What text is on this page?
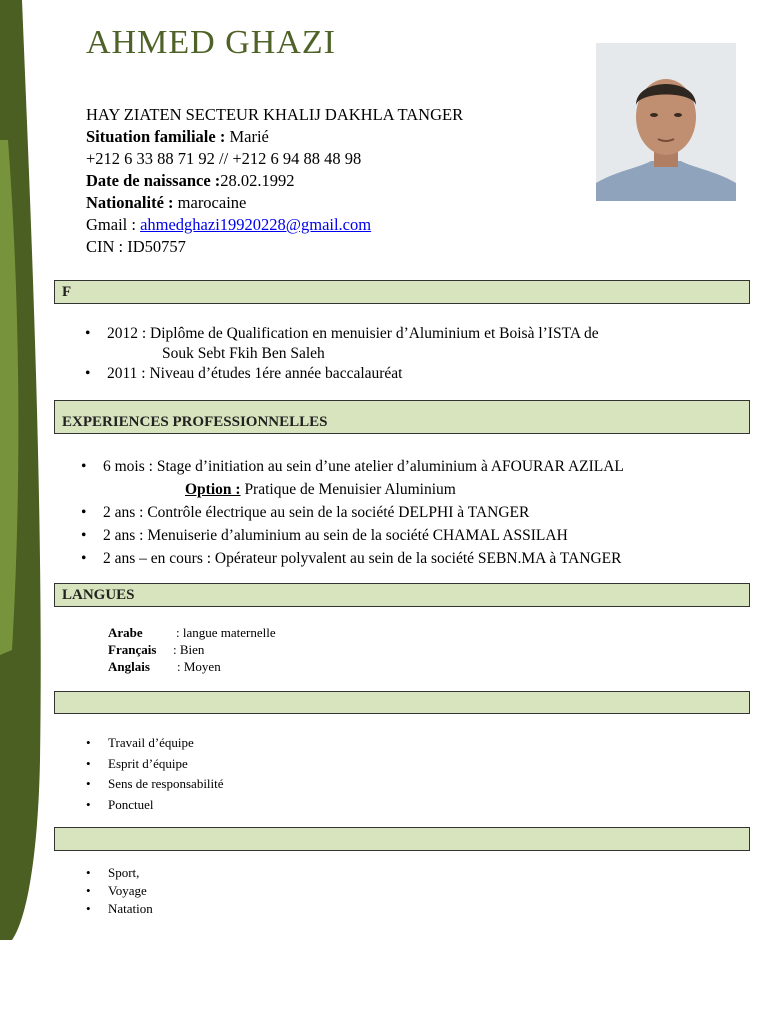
AHMED GHAZI
HAY ZIATEN SECTEUR KHALIJ DAKHLA TANGER
Situation familiale : Marié
+212 6 33 88 71 92 // +212 6 94 88 48 98
Date de naissance :28.02.1992
Nationalité : marocaine
Gmail : ahmedghazi19920228@gmail.com
CIN : ID50757
F
• 2012 : Diplôme de Qualification en menuisier d’Aluminium et Boisà l’ISTA de
Souk Sebt Fkih Ben Saleh
• 2011 : Niveau d’études 1ére année baccalauréat
EXPERIENCES PROFESSIONNELLES
• 6 mois : Stage d’initiation au sein d’une atelier d’aluminium à AFOURAR AZILAL
Option : Pratique de Menuisier Aluminium
• 2 ans : Contrôle électrique au sein de la société DELPHI à TANGER
• 2 ans : Menuiserie d’aluminium au sein de la société CHAMAL ASSILAH
• 2 ans – en cours : Opérateur polyvalent au sein de la société SEBN.MA à TANGER
LANGUES
Arabe	: langue maternelle
Français : Bien
Anglais : Moyen
• Travail d’équipe
• Esprit d’équipe
• Sens de responsabilité
• Ponctuel
• Sport,
• Voyage
• Natation
